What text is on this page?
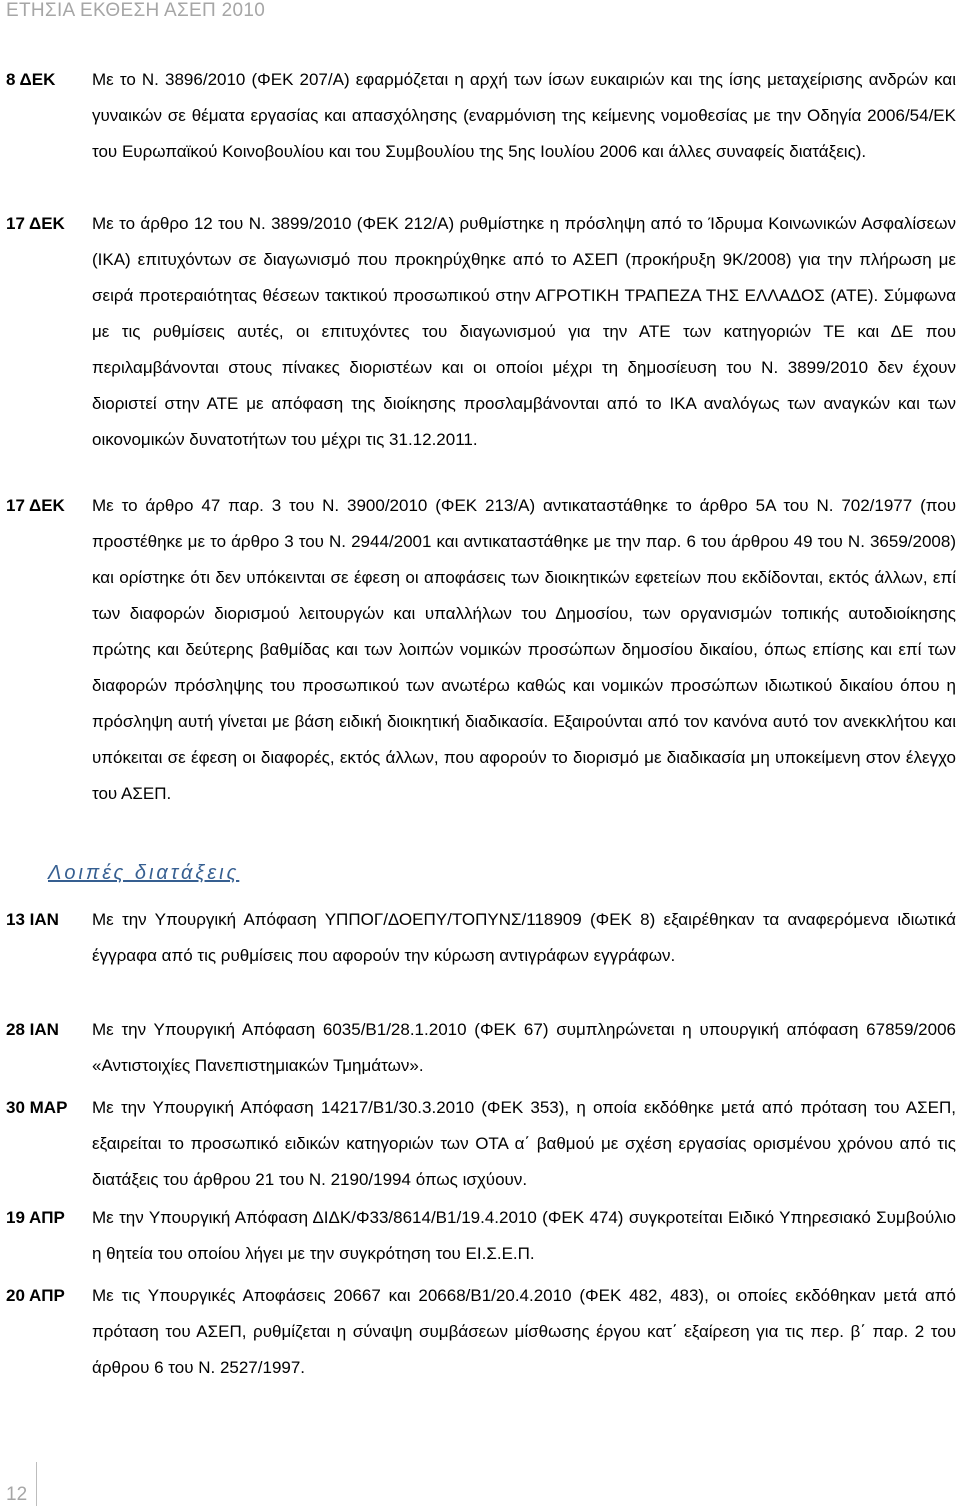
ΕΤΗΣΙΑ ΕΚΘΕΣΗ ΑΣΕΠ 2010
8 ΔΕΚ Με το Ν. 3896/2010 (ΦΕΚ 207/Α) εφαρμόζεται η αρχή των ίσων ευκαιριών και της ίσης μεταχείρισης ανδρών και γυναικών σε θέματα εργασίας και απασχόλησης (εναρμόνιση της κείμενης νομοθεσίας με την Οδηγία 2006/54/ΕΚ του Ευρωπαϊκού Κοινοβουλίου και του Συμβουλίου της 5ης Ιουλίου 2006 και άλλες συναφείς διατάξεις).
17 ΔΕΚ Με το άρθρο 12 του Ν. 3899/2010 (ΦΕΚ 212/Α) ρυθμίστηκε η πρόσληψη από το Ίδρυμα Κοινωνικών Ασφαλίσεων (ΙΚΑ) επιτυχόντων σε διαγωνισμό που προκηρύχθηκε από το ΑΣΕΠ (προκήρυξη 9Κ/2008) για την πλήρωση με σειρά προτεραιότητας θέσεων τακτικού προσωπικού στην ΑΓΡΟΤΙΚΗ ΤΡΑΠΕΖΑ ΤΗΣ ΕΛΛΑΔΟΣ (ΑΤΕ). Σύμφωνα με τις ρυθμίσεις αυτές, οι επιτυχόντες του διαγωνισμού για την ΑΤΕ των κατηγοριών ΤΕ και ΔΕ που περιλαμβάνονται στους πίνακες διοριστέων και οι οποίοι μέχρι τη δημοσίευση του Ν. 3899/2010 δεν έχουν διοριστεί στην ΑΤΕ με απόφαση της διοίκησης προσλαμβάνονται από το ΙΚΑ αναλόγως των αναγκών και των οικονομικών δυνατοτήτων του μέχρι τις 31.12.2011.
17 ΔΕΚ Με το άρθρο 47 παρ. 3 του Ν. 3900/2010 (ΦΕΚ 213/Α) αντικαταστάθηκε το άρθρο 5Α του Ν. 702/1977 (που προστέθηκε με το άρθρο 3 του Ν. 2944/2001 και αντικαταστάθηκε με την παρ. 6 του άρθρου 49 του Ν. 3659/2008) και ορίστηκε ότι δεν υπόκεινται σε έφεση οι αποφάσεις των διοικητικών εφετείων που εκδίδονται, εκτός άλλων, επί των διαφορών διορισμού λειτουργών και υπαλλήλων του Δημοσίου, των οργανισμών τοπικής αυτοδιοίκησης πρώτης και δεύτερης βαθμίδας και των λοιπών νομικών προσώπων δημοσίου δικαίου, όπως επίσης και επί των διαφορών πρόσληψης του προσωπικού των ανωτέρω καθώς και νομικών προσώπων ιδιωτικού δικαίου όπου η πρόσληψη αυτή γίνεται με βάση ειδική διοικητική διαδικασία. Εξαιρούνται από τον κανόνα αυτό τον ανεκκλήτου και υπόκειται σε έφεση οι διαφορές, εκτός άλλων, που αφορούν το διορισμό με διαδικασία μη υποκείμενη στον έλεγχο του ΑΣΕΠ.
Λοιπές διατάξεις
13 ΙΑΝ Με την Υπουργική Απόφαση ΥΠΠΟΓ/ΔΟΕΠΥ/ΤΟΠΥΝΣ/118909 (ΦΕΚ 8) εξαιρέθηκαν τα αναφερόμενα ιδιωτικά έγγραφα από τις ρυθμίσεις που αφορούν την κύρωση αντιγράφων εγγράφων.
28 ΙΑΝ Με την Υπουργική Απόφαση 6035/Β1/28.1.2010 (ΦΕΚ 67) συμπληρώνεται η υπουργική απόφαση 67859/2006 «Αντιστοιχίες Πανεπιστημιακών Τμημάτων».
30 ΜΑΡ Με την Υπουργική Απόφαση 14217/Β1/30.3.2010 (ΦΕΚ 353), η οποία εκδόθηκε μετά από πρόταση του ΑΣΕΠ, εξαιρείται το προσωπικό ειδικών κατηγοριών των ΟΤΑ α΄ βαθμού με σχέση εργασίας ορισμένου χρόνου από τις διατάξεις του άρθρου 21 του Ν. 2190/1994 όπως ισχύουν.
19 ΑΠΡ Με την Υπουργική Απόφαση ΔΙΔΚ/Φ33/8614/Β1/19.4.2010 (ΦΕΚ 474) συγκροτείται Ειδικό Υπηρεσιακό Συμβούλιο η θητεία του οποίου λήγει με την συγκρότηση του ΕΙ.Σ.Ε.Π.
20 ΑΠΡ Με τις Υπουργικές Αποφάσεις 20667 και 20668/Β1/20.4.2010 (ΦΕΚ 482, 483), οι οποίες εκδόθηκαν μετά από πρόταση του ΑΣΕΠ, ρυθμίζεται η σύναψη συμβάσεων μίσθωσης έργου κατ΄ εξαίρεση για τις περ. β΄ παρ. 2 του άρθρου 6 του Ν. 2527/1997.
12
